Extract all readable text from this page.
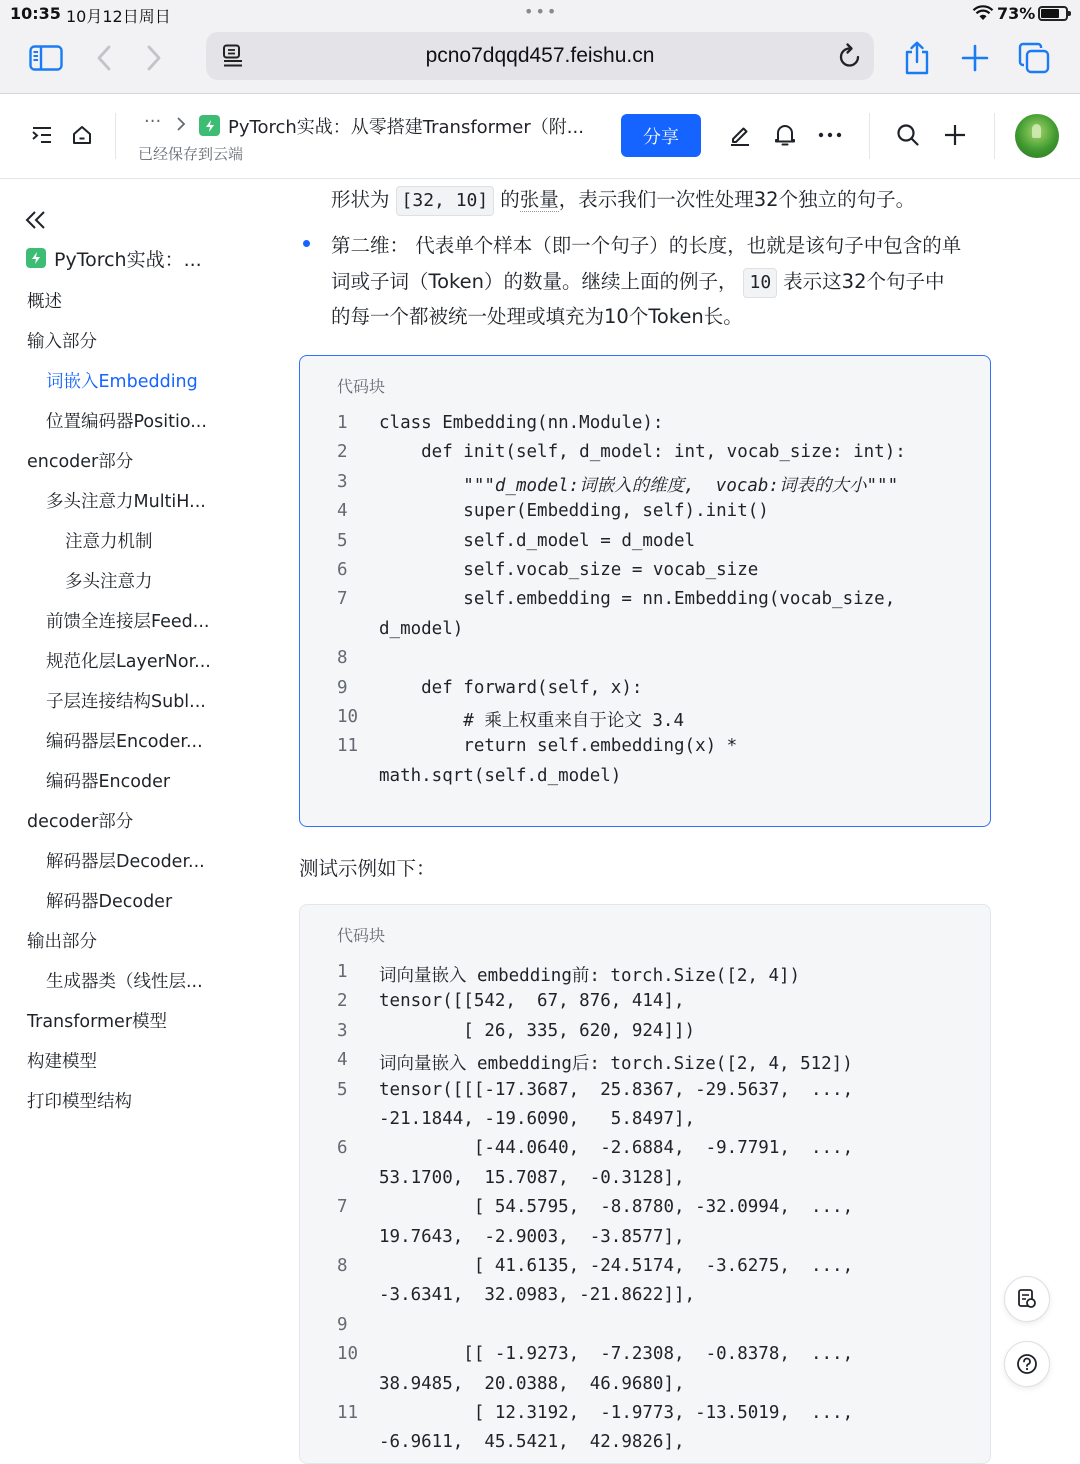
10:35 10月12日周日	•••	73%
pcno7dqqd457.feishu.cn
···	PyTorch实战：从零搭建Transformer（附...
已经保存到云端
分享
PyTorch实战：...
概述
输入部分
词嵌入Embedding
位置编码器Positio...
encoder部分
多头注意力MultiH...
注意力机制
多头注意力
前馈全连接层Feed...
规范化层LayerNor...
子层连接结构Subl...
编码器层Encoder...
编码器Encoder
decoder部分
解码器层Decoder...
解码器Decoder
输出部分
生成器类（线性层...
Transformer模型
构建模型
打印模型结构
形状为 [32, 10] 的张量，表示我们一次性处理32个独立的句子。
第二维： 代表单个样本（即一个句子）的长度，也就是该句子中包含的单
词或子词（Token）的数量。继续上面的例子， 10 表示这32个句子中
的每一个都被统一处理或填充为10个Token长。
代码块
1	class Embedding(nn.Module):
2	def init(self, d_model: int, vocab_size: int):
3	"""d_model:词嵌入的维度,  vocab:词表的大小"""
4	super(Embedding, self).init()
5	self.d_model = d_model
6	self.vocab_size = vocab_size
7	self.embedding = nn.Embedding(vocab_size,
d_model)
8
9	def forward(self, x):
10	# 乘上权重来自于论文 3.4
11	return self.embedding(x) *
math.sqrt(self.d_model)
测试示例如下：
代码块
1	词向量嵌入 embedding前: torch.Size([2, 4])
2	tensor([[542,  67, 876, 414],
3	[ 26, 335, 620, 924]])
4	词向量嵌入 embedding后: torch.Size([2, 4, 512])
5	tensor([[[-17.3687,  25.8367, -29.5637,  ...,
-21.1844, -19.6090,   5.8497],
6	[-44.0640,  -2.6884,  -9.7791,  ...,
53.1700,  15.7087,  -0.3128],
7	[ 54.5795,  -8.8780, -32.0994,  ...,
19.7643,  -2.9003,  -3.8577],
8	[ 41.6135, -24.5174,  -3.6275,  ...,
-3.6341,  32.0983, -21.8622]],
9
10	[[ -1.9273,  -7.2308,  -0.8378,  ...,
38.9485,  20.0388,  46.9680],
11	[ 12.3192,  -1.9773, -13.5019,  ...,
-6.9611,  45.5421,  42.9826],
